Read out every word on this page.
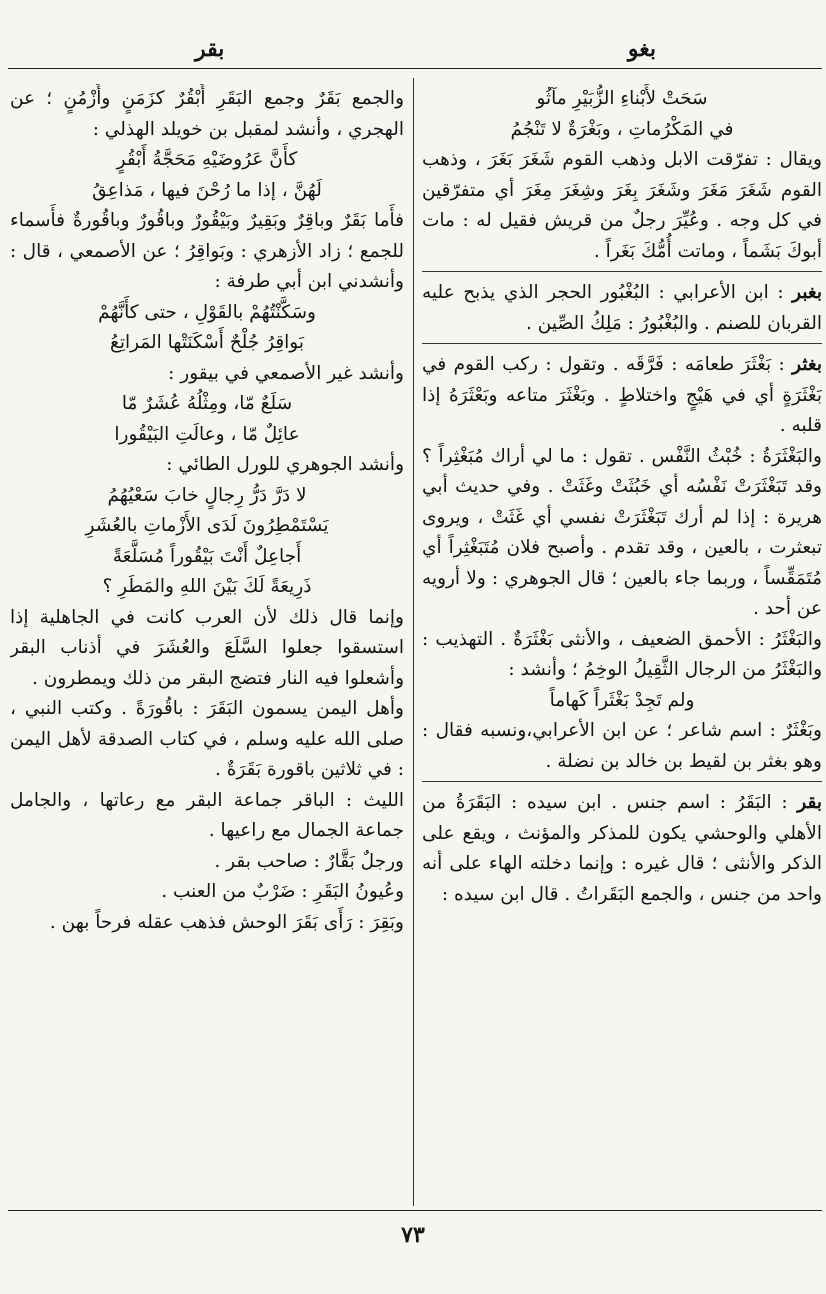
بغو
بقر

سَحَتْ لأَبْناءِ الزُّبَيْرِ مآثُو

في المَكْرُماتِ ، وبَغْرَةٌ لا تَنْجُمُ

ويقال : تفرّقت الابل وذهب القوم شَغَرَ بَغَرَ ، وذهب القوم شَغَرَ مَغَرَ وشَغَرَ بِغَرَ وشِغَرَ مِغَرَ أي متفرّقين في كل وجه . وعُيِّرَ رجلٌ من قريش فقيل له : مات أبوكَ بَشَماً ، وماتت أُمُّكَ بَغَراً .

بغبر : ابن الأعرابي : البُغْبُور الحجر الذي يذبح عليه القربان للصنم . والبُغْبُورُ : مَلِكُ الصِّين .

بغثر : بَغْثَرَ طعامَه : فَرَّقَه . وتقول : ركب القوم في بَغْثَرَةٍ أي في هَيْجٍ واختلاطٍ . وبَغْثَرَ متاعه وبَعْثَرَهُ إذا قلبه .

والبَغْثَرَةُ : خُبْثُ النَّفْس . تقول : ما لي أراك مُبَغْثِراً ؟ وقد تَبَغْثَرَتْ نَفْسُه أي خَبُثَتْ وغَثَتْ . وفي حديث أبي هريرة : إذا لم أرك تَبَغْثَرَتْ نفسي أي غَثَتْ ، ويروى تبعثرت ، بالعين ، وقد تقدم . وأصبح فلان مُتَبَغْثِراً أي مُتَمَقِّساً ، وربما جاء بالعين ؛ قال الجوهري : ولا أرويه عن أحد .

والبَغْثَرُ : الأحمق الضعيف ، والأنثى بَغْثَرَةٌ . التهذيب : والبَغْثَرُ من الرجال الثَّقِيلُ الوخِمُ ؛ وأنشد :

ولم تَجِدْ بَغْثَراً كَهاماً

وبَغْثَرٌ : اسم شاعر ؛ عن ابن الأعرابي،ونسبه فقال : وهو بغثر بن لقيط بن خالد بن نضلة .

بقر : البَقَرُ : اسم جنس . ابن سيده : البَقَرَةُ من الأهلي والوحشي يكون للمذكر والمؤنث ، ويقع على الذكر والأنثى ؛ قال غيره : وإنما دخلته الهاء على أنه واحد من جنس ، والجمع البَقَراتُ . قال ابن سيده :

والجمع بَقَرٌ وجمع البَقَرِ أَبْقُرٌ كزَمَنٍ وأَزْمُنٍ ؛ عن الهجري ، وأنشد لمقبل بن خويلد الهذلي :

كأَنَّ عَرُوضَيْهِ مَحَجَّةُ أَبْقُرٍ

لَهُنَّ ، إذا ما رُحْنَ فيها ، مَذاعِقُ

فأَما بَقَرٌ وباقِرٌ وبَقِيرٌ وبَيْقُورٌ وباقُورٌ وباقُورةٌ فأَسماء للجمع ؛ زاد الأزهري : وبَواقِرُ ؛ عن الأصمعي ، قال : وأنشدني ابن أبي طرفة :

وسَكَّنْتُهُمْ بالقَوْلِ ، حتى كأَنَّهُمْ

بَواقِرُ جُلْحٌ أَسْكَنَتْها المَراتِعُ

وأنشد غير الأصمعي في بيقور :

سَلَعٌ مّا، ومِثْلُهُ عُشَرٌ مّا

عائِلٌ مّا ، وعالَتِ البَيْقُورا

وأنشد الجوهري للورل الطائي :

لا دَرَّ دَرُّ رِجالٍ خابَ سَعْيُهُمُ

يَسْتَمْطِرُونَ لَدَى الأَزْماتِ بالعُشَرِ

أَجاعِلٌ أَنْتَ بَيْقُوراً مُسَلَّعَةً

ذَرِيعَةً لَكَ بَيْنَ اللهِ والمَطَرِ ؟

وإنما قال ذلك لأن العرب كانت في الجاهلية إذا استسقوا جعلوا السَّلَعَ والعُشَرَ في أذناب البقر وأشعلوا فيه النار فتضج البقر من ذلك ويمطرون .

وأهل اليمن يسمون البَقَرَ : باقُورَةً . وكتب النبي ، صلى الله عليه وسلم ، في كتاب الصدقة لأهل اليمن : في ثلاثين باقورة بَقَرَةٌ .

الليث : الباقر جماعة البقر مع رعاتها ، والجامل جماعة الجمال مع راعيها .

ورجلٌ بَقَّارٌ : صاحب بقر .

وعُيونُ البَقَرِ : ضَرْبٌ من العنب .

وبَقِرَ : رَأَى بَقَرَ الوحش فذهب عقله فرحاً بهن .

٧٣
